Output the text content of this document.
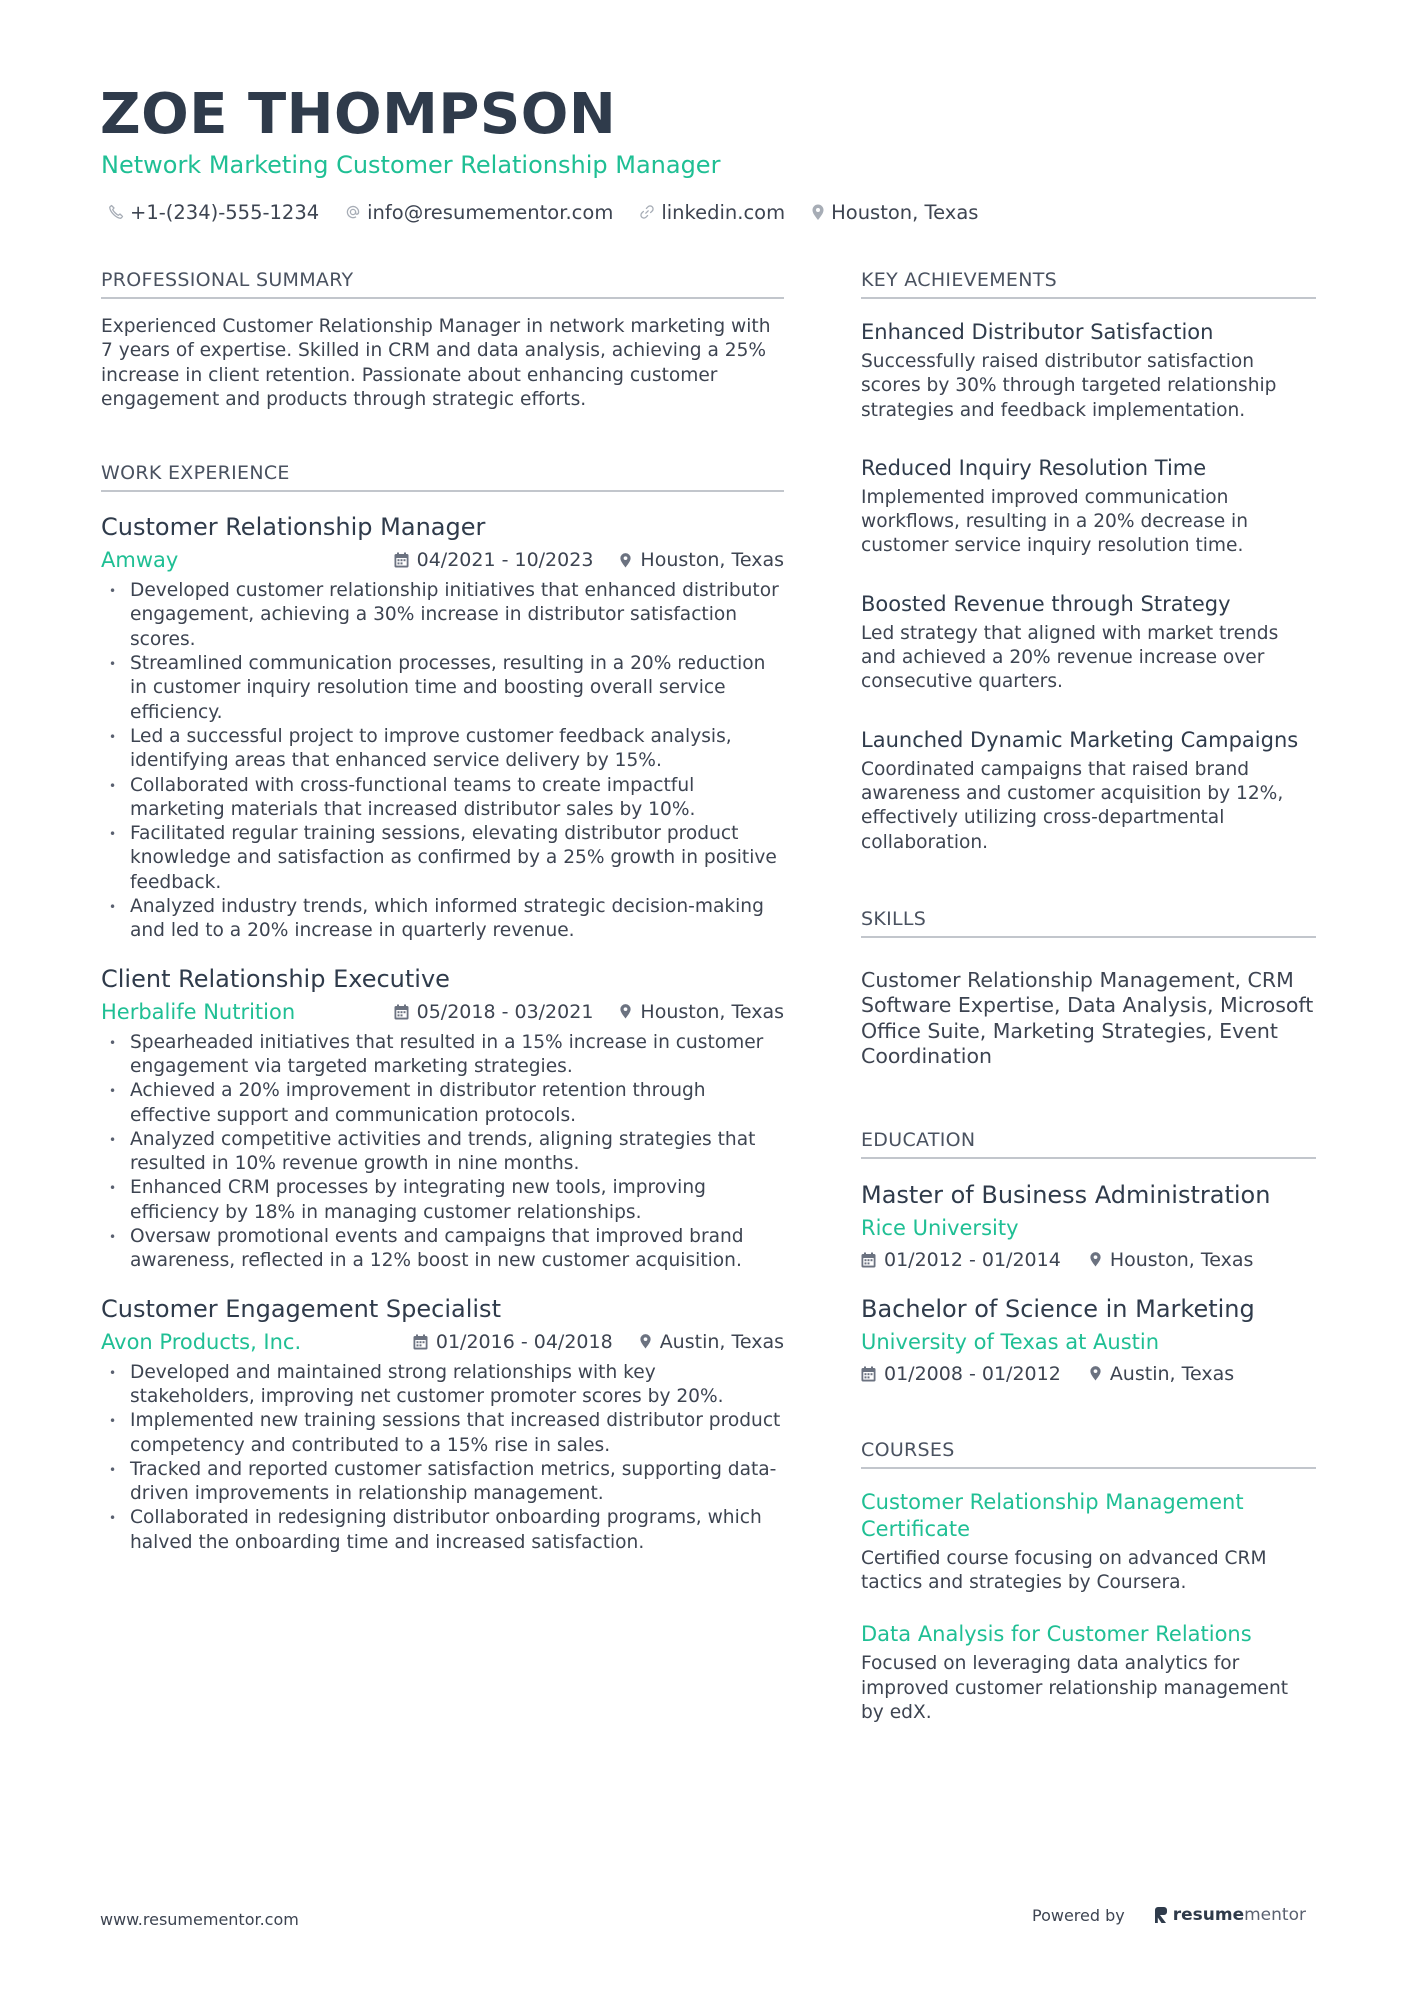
ZOE THOMPSON
Network Marketing Customer Relationship Manager
+1-(234)-555-1234 info@resumementor.com linkedin.com Houston, Texas
PROFESSIONAL SUMMARY
Experienced Customer Relationship Manager in network marketing with 7 years of expertise. Skilled in CRM and data analysis, achieving a 25% increase in client retention. Passionate about enhancing customer engagement and products through strategic efforts.
WORK EXPERIENCE
Customer Relationship Manager
Amway	04/2021 - 10/2023 Houston, Texas
• Developed customer relationship initiatives that enhanced distributor engagement, achieving a 30% increase in distributor satisfaction scores.
• Streamlined communication processes, resulting in a 20% reduction in customer inquiry resolution time and boosting overall service efficiency.
• Led a successful project to improve customer feedback analysis, identifying areas that enhanced service delivery by 15%.
• Collaborated with cross-functional teams to create impactful marketing materials that increased distributor sales by 10%.
• Facilitated regular training sessions, elevating distributor product knowledge and satisfaction as confirmed by a 25% growth in positive feedback.
• Analyzed industry trends, which informed strategic decision-making and led to a 20% increase in quarterly revenue.
Client Relationship Executive
Herbalife Nutrition	05/2018 - 03/2021 Houston, Texas
• Spearheaded initiatives that resulted in a 15% increase in customer engagement via targeted marketing strategies.
• Achieved a 20% improvement in distributor retention through effective support and communication protocols.
• Analyzed competitive activities and trends, aligning strategies that resulted in 10% revenue growth in nine months.
• Enhanced CRM processes by integrating new tools, improving efficiency by 18% in managing customer relationships.
• Oversaw promotional events and campaigns that improved brand awareness, reflected in a 12% boost in new customer acquisition.
Customer Engagement Specialist
Avon Products, Inc.	01/2016 - 04/2018 Austin, Texas
• Developed and maintained strong relationships with key stakeholders, improving net customer promoter scores by 20%.
• Implemented new training sessions that increased distributor product competency and contributed to a 15% rise in sales.
• Tracked and reported customer satisfaction metrics, supporting data-driven improvements in relationship management.
• Collaborated in redesigning distributor onboarding programs, which halved the onboarding time and increased satisfaction.
KEY ACHIEVEMENTS
Enhanced Distributor Satisfaction
Successfully raised distributor satisfaction scores by 30% through targeted relationship strategies and feedback implementation.
Reduced Inquiry Resolution Time
Implemented improved communication workflows, resulting in a 20% decrease in customer service inquiry resolution time.
Boosted Revenue through Strategy
Led strategy that aligned with market trends and achieved a 20% revenue increase over consecutive quarters.
Launched Dynamic Marketing Campaigns
Coordinated campaigns that raised brand awareness and customer acquisition by 12%, effectively utilizing cross-departmental collaboration.
SKILLS
Customer Relationship Management, CRM Software Expertise, Data Analysis, Microsoft Office Suite, Marketing Strategies, Event Coordination
EDUCATION
Master of Business Administration
Rice University
01/2012 - 01/2014	Houston, Texas
Bachelor of Science in Marketing
University of Texas at Austin
01/2008 - 01/2012	Austin, Texas
COURSES
Customer Relationship Management Certificate
Certified course focusing on advanced CRM tactics and strategies by Coursera.
Data Analysis for Customer Relations
Focused on leveraging data analytics for improved customer relationship management by edX.
www.resumementor.com	Powered by	resume mentor
